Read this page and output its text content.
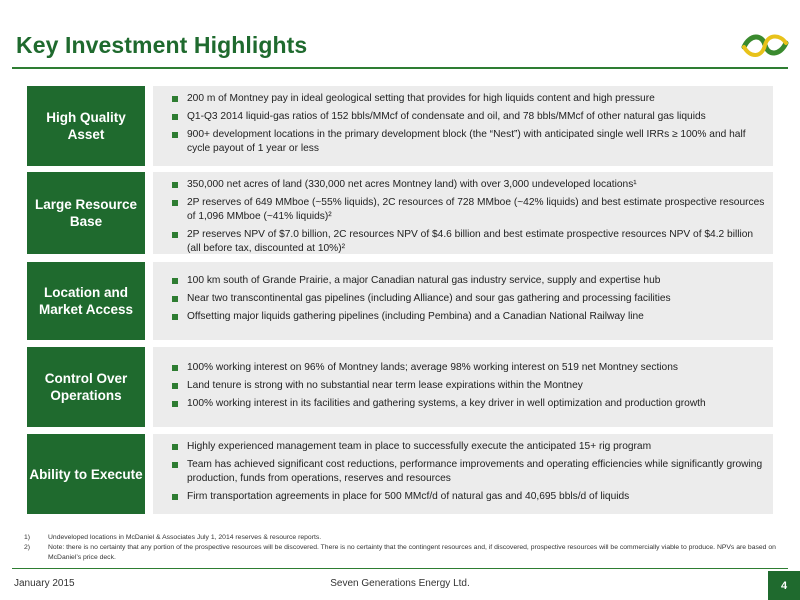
Key Investment Highlights
High Quality Asset
200 m of Montney pay in ideal geological setting that provides for high liquids content and high pressure
Q1-Q3 2014 liquid-gas ratios of 152 bbls/MMcf of condensate and oil, and 78 bbls/MMcf of other natural gas liquids
900+ development locations in the primary development block (the “Nest”) with anticipated single well IRRs ≥ 100% and half cycle payout of 1 year or less
Large Resource Base
350,000 net acres of land (330,000 net acres Montney land) with over 3,000 undeveloped locations¹
2P reserves of 649 MMboe (~55% liquids), 2C resources of 728 MMboe (~42% liquids) and best estimate prospective resources of 1,096 MMboe (~41% liquids)²
2P reserves NPV of $7.0 billion, 2C resources NPV of $4.6 billion and best estimate prospective resources NPV of $4.2 billion (all before tax, discounted at 10%)²
Location and Market Access
100 km south of Grande Prairie, a major Canadian natural gas industry service, supply and expertise hub
Near two transcontinental gas pipelines (including Alliance) and sour gas gathering and processing facilities
Offsetting major liquids gathering pipelines (including Pembina) and a Canadian National Railway line
Control Over Operations
100% working interest on 96% of Montney lands; average 98% working interest on 519 net Montney sections
Land tenure is strong with no substantial near term lease expirations within the Montney
100% working interest in its facilities and gathering systems, a key driver in well optimization and production growth
Ability to Execute
Highly experienced management team in place to successfully execute the anticipated 15+ rig program
Team has achieved significant cost reductions, performance improvements and operating efficiencies while significantly growing production, funds from operations, reserves and resources
Firm transportation agreements in place for 500 MMcf/d of natural gas and 40,695 bbls/d of liquids
1)	Undeveloped locations in McDaniel & Associates July 1, 2014 reserves & resource reports.
2)	Note: there is no certainty that any portion of the prospective resources will be discovered. There is no certainty that the contingent resources and, if discovered, prospective resources will be commercially viable to produce. NPVs are based on McDaniel’s price deck.
January 2015	Seven Generations Energy Ltd.	4
